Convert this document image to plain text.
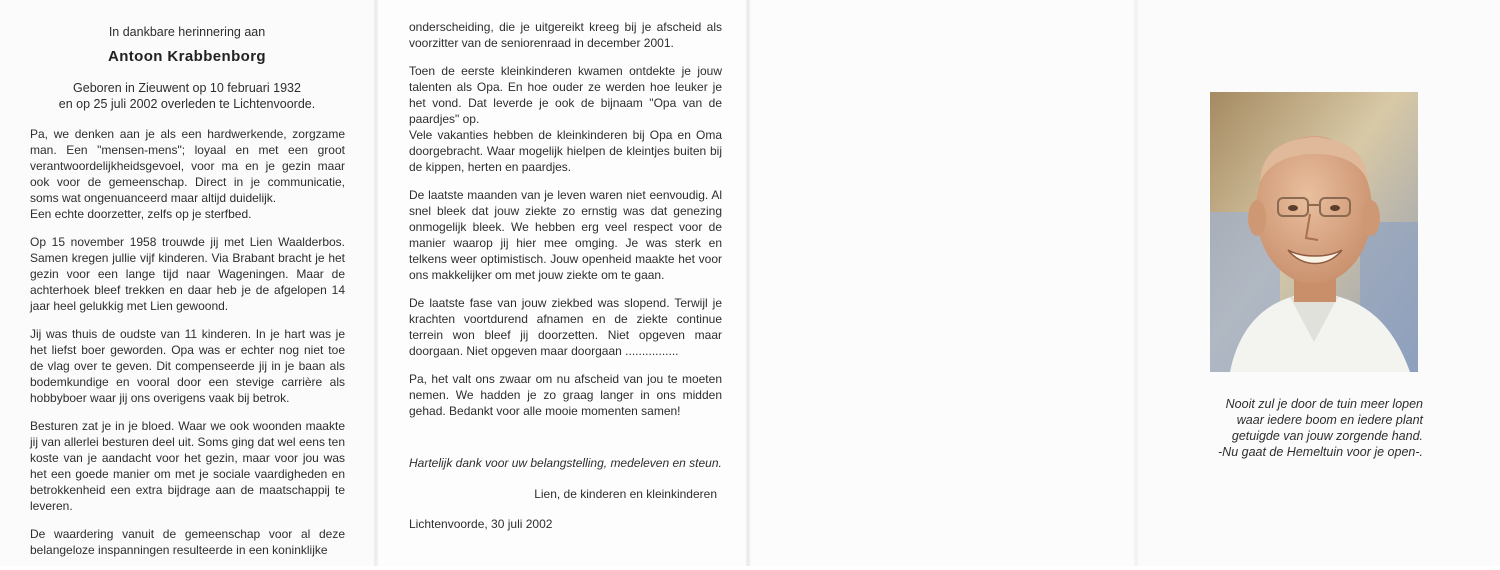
In dankbare herinnering aan
Antoon Krabbenborg
Geboren in Zieuwent op 10 februari 1932
en op 25 juli 2002 overleden te Lichtenvoorde.

Pa, we denken aan je als een hardwerkende, zorgzame man. Een "mensen-mens"; loyaal en met een groot verantwoordelijkheidsgevoel, voor ma en je gezin maar ook voor de gemeenschap. Direct in je communicatie, soms wat ongenuanceerd maar altijd duidelijk.
Een echte doorzetter, zelfs op je sterfbed.

Op 15 november 1958 trouwde jij met Lien Waalderbos. Samen kregen jullie vijf kinderen. Via Brabant bracht je het gezin voor een lange tijd naar Wageningen. Maar de achterhoek bleef trekken en daar heb je de afgelopen 14 jaar heel gelukkig met Lien gewoond.

Jij was thuis de oudste van 11 kinderen. In je hart was je het liefst boer geworden. Opa was er echter nog niet toe de vlag over te geven. Dit compenseerde jij in je baan als bodemkundige en vooral door een stevige carrière als hobbyboer waar jij ons overigens vaak bij betrok.

Besturen zat je in je bloed. Waar we ook woonden maakte jij van allerlei besturen deel uit. Soms ging dat wel eens ten koste van je aandacht voor het gezin, maar voor jou was het een goede manier om met je sociale vaardigheden en betrokkenheid een extra bijdrage aan de maatschappij te leveren.

De waardering vanuit de gemeenschap voor al deze belangeloze inspanningen resulteerde in een koninklijke

onderscheiding, die je uitgereikt kreeg bij je afscheid als voorzitter van de seniorenraad in december 2001.

Toen de eerste kleinkinderen kwamen ontdekte je jouw talenten als Opa. En hoe ouder ze werden hoe leuker je het vond. Dat leverde je ook de bijnaam "Opa van de paardjes" op.
Vele vakanties hebben de kleinkinderen bij Opa en Oma doorgebracht. Waar mogelijk hielpen de kleintjes buiten bij de kippen, herten en paardjes.

De laatste maanden van je leven waren niet eenvoudig. Al snel bleek dat jouw ziekte zo ernstig was dat genezing onmogelijk bleek. We hebben erg veel respect voor de manier waarop jij hier mee omging. Je was sterk en telkens weer optimistisch. Jouw openheid maakte het voor ons makkelijker om met jouw ziekte om te gaan.

De laatste fase van jouw ziekbed was slopend. Terwijl je krachten voortdurend afnamen en de ziekte continue terrein won bleef jij doorzetten. Niet opgeven maar doorgaan. Niet opgeven maar doorgaan ................

Pa, het valt ons zwaar om nu afscheid van jou te moeten nemen. We hadden je zo graag langer in ons midden gehad. Bedankt voor alle mooie momenten samen!

Hartelijk dank voor uw belangstelling, medeleven en steun.
Lien, de kinderen en kleinkinderen
Lichtenvoorde, 30 juli 2002
Nooit zul je door de tuin meer lopen
waar iedere boom en iedere plant
getuigde van jouw zorgende hand.
-Nu gaat de Hemeltuin voor je open-.
